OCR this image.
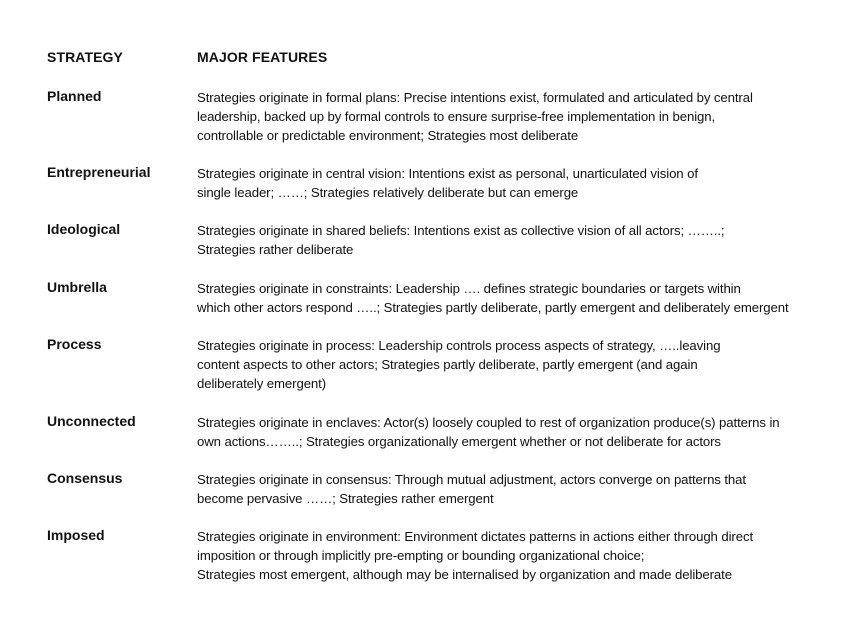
STRATEGY	MAJOR FEATURES
Planned	Strategies originate in formal plans: Precise intentions exist, formulated and articulated by central
leadership, backed up by formal controls to ensure surprise-free implementation in benign,
controllable or predictable environment; Strategies most deliberate
Entrepreneurial	Strategies originate in central vision: Intentions exist as personal, unarticulated vision of
single leader; ……; Strategies relatively deliberate but can emerge
Ideological	Strategies originate in shared beliefs: Intentions exist as collective vision of all actors; ……..;
Strategies rather deliberate
Umbrella	Strategies originate in constraints: Leadership …. defines strategic boundaries or targets within
which other actors respond …..; Strategies partly deliberate, partly emergent and deliberately emergent
Process	Strategies originate in process: Leadership controls process aspects of strategy, …..leaving
content aspects to other actors; Strategies partly deliberate, partly emergent (and again
deliberately emergent)
Unconnected	Strategies originate in enclaves: Actor(s) loosely coupled to rest of organization produce(s) patterns in
own actions……..; Strategies organizationally emergent whether or not deliberate for actors
Consensus	Strategies originate in consensus: Through mutual adjustment, actors converge on patterns that
become pervasive ……; Strategies rather emergent
Imposed	Strategies originate in environment: Environment dictates patterns in actions either through direct
imposition or through implicitly pre-empting or bounding organizational choice;
Strategies most emergent, although may be internalised by organization and made deliberate
